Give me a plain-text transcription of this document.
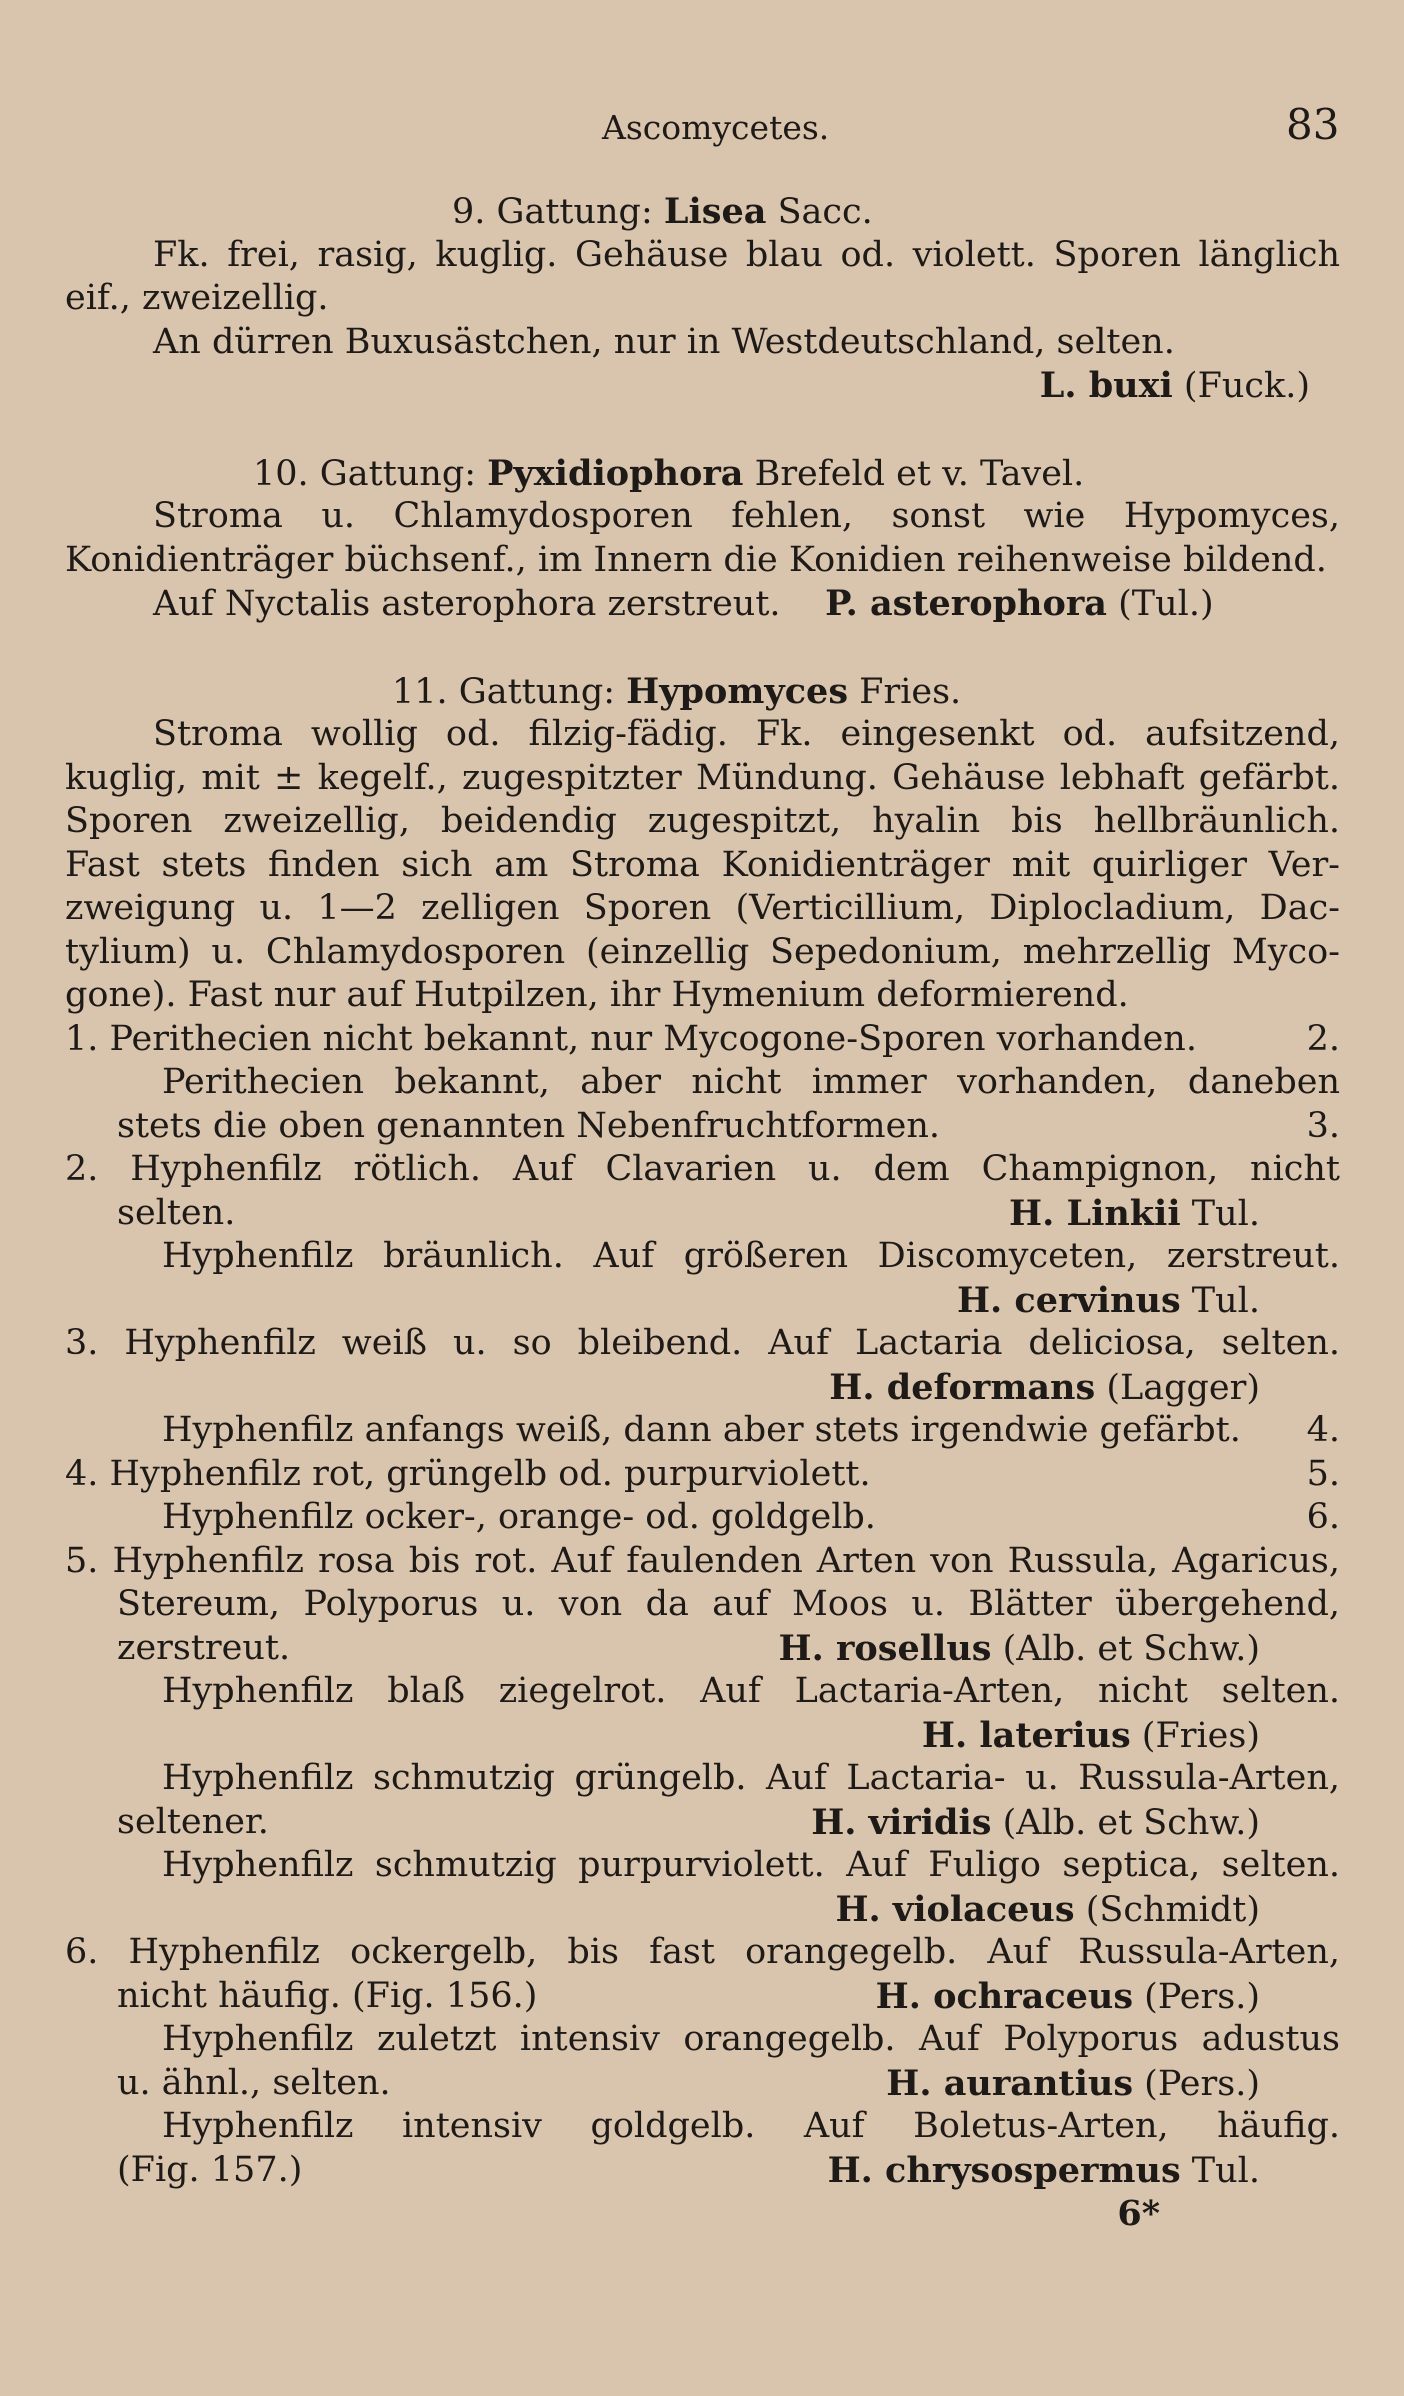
Ascomycetes.	83
9. Gattung: Lisea Sacc.
Fk. frei, rasig, kuglig. Gehäuse blau od. violett. Sporen länglich
eif., zweizellig.
An dürren Buxusästchen, nur in Westdeutschland, selten.
L. buxi (Fuck.)
10. Gattung: Pyxidiophora Brefeld et v. Tavel.
Stroma u. Chlamydosporen fehlen, sonst wie Hypomyces,
Konidienträger büchsenf., im Innern die Konidien reihenweise bildend.
Auf Nyctalis asterophora zerstreut. P. asterophora (Tul.)
11. Gattung: Hypomyces Fries.
Stroma wollig od. filzig-fädig. Fk. eingesenkt od. aufsitzend,
kuglig, mit ± kegelf., zugespitzter Mündung. Gehäuse lebhaft gefärbt.
Sporen zweizellig, beidendig zugespitzt, hyalin bis hellbräunlich.
Fast stets finden sich am Stroma Konidienträger mit quirliger Ver-
zweigung u. 1—2 zelligen Sporen (Verticillium, Diplocladium, Dac-
tylium) u. Chlamydosporen (einzellig Sepedonium, mehrzellig Myco-
gone). Fast nur auf Hutpilzen, ihr Hymenium deformierend.
1. Perithecien nicht bekannt, nur Mycogone-Sporen vorhanden.	2.
Perithecien bekannt, aber nicht immer vorhanden, daneben
stets die oben genannten Nebenfruchtformen.	3.
2. Hyphenfilz rötlich. Auf Clavarien u. dem Champignon, nicht
selten.	H. Linkii Tul.
Hyphenfilz bräunlich. Auf größeren Discomyceten, zerstreut.
H. cervinus Tul.
3. Hyphenfilz weiß u. so bleibend. Auf Lactaria deliciosa, selten.
H. deformans (Lagger)
Hyphenfilz anfangs weiß, dann aber stets irgendwie gefärbt. 4.
4. Hyphenfilz rot, grüngelb od. purpurviolett.	5.
Hyphenfilz ocker-, orange- od. goldgelb.	6.
5. Hyphenfilz rosa bis rot. Auf faulenden Arten von Russula, Agaricus,
Stereum, Polyporus u. von da auf Moos u. Blätter übergehend,
zerstreut.	H. rosellus (Alb. et Schw.)
Hyphenfilz blaß ziegelrot. Auf Lactaria-Arten, nicht selten.
H. laterius (Fries)
Hyphenfilz schmutzig grüngelb. Auf Lactaria- u. Russula-Arten,
seltener.	H. viridis (Alb. et Schw.)
Hyphenfilz schmutzig purpurviolett. Auf Fuligo septica, selten.
H. violaceus (Schmidt)
6. Hyphenfilz ockergelb, bis fast orangegelb. Auf Russula-Arten,
nicht häufig. (Fig. 156.)	H. ochraceus (Pers.)
Hyphenfilz zuletzt intensiv orangegelb. Auf Polyporus adustus
u. ähnl., selten.	H. aurantius (Pers.)
Hyphenfilz intensiv goldgelb. Auf Boletus-Arten, häufig.
(Fig. 157.)	H. chrysospermus Tul.
6*
